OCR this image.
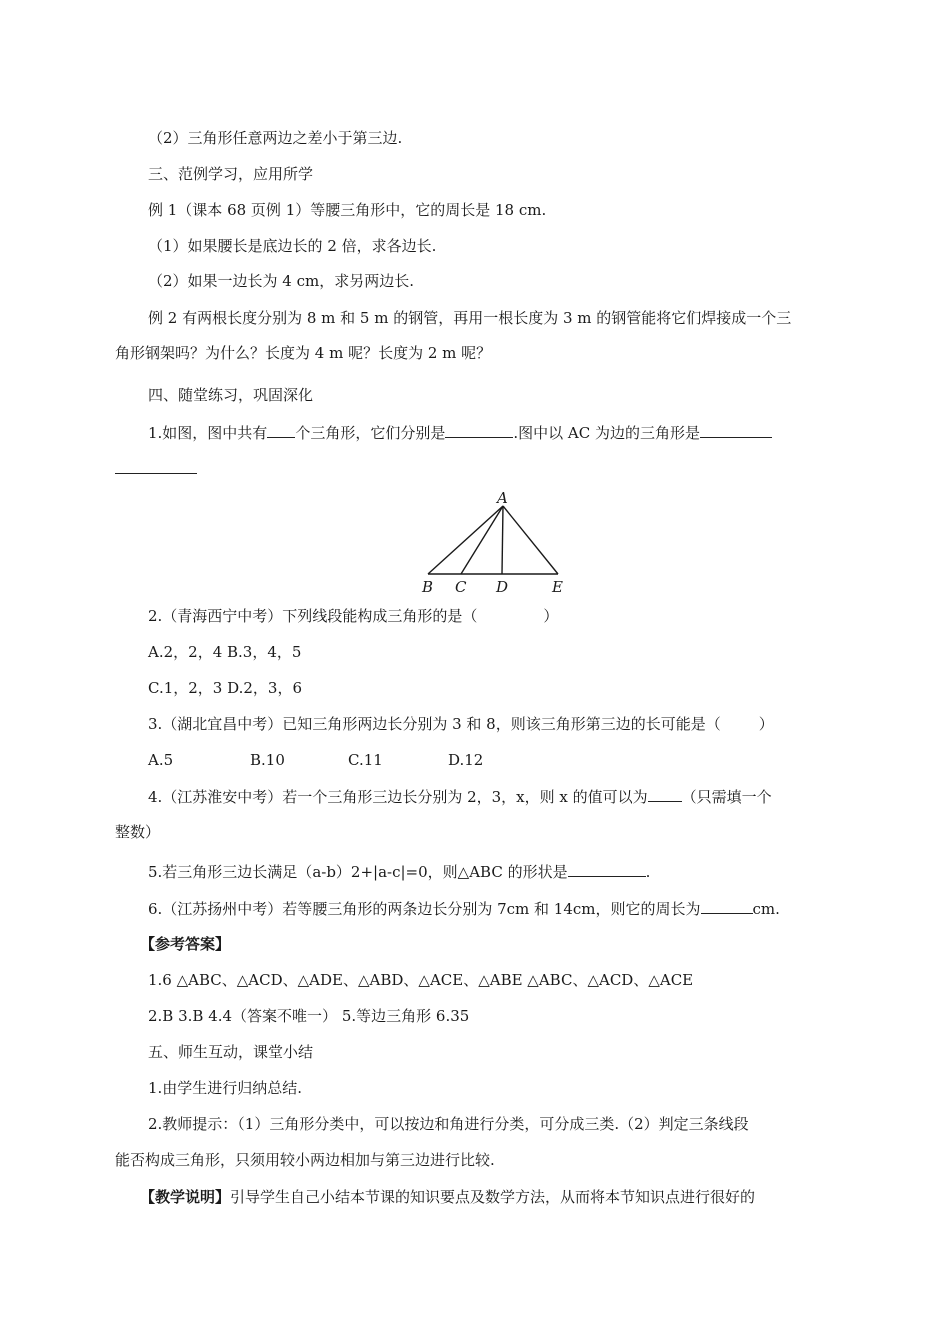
（2）三角形任意两边之差小于第三边.
三、范例学习，应用所学
例 1（课本 68 页例 1）等腰三角形中，它的周长是 18 cm.
（1）如果腰长是底边长的 2 倍，求各边长.
（2）如果一边长为 4 cm，求另两边长.
例 2 有两根长度分别为 8 m 和 5 m 的钢管，再用一根长度为 3 m 的钢管能将它们焊接成一个三
角形钢架吗？为什么？长度为 4 m 呢？长度为 2 m 呢？
四、随堂练习，巩固深化
1.如图，图中共有 个三角形，它们分别是	.图中以 AC 为边的三角形是
A
B C D	E
2.（青海西宁中考）下列线段能构成三角形的是（	）
A.2，2，4 B.3，4，5
C.1，2，3 D.2，3，6
3.（湖北宜昌中考）已知三角形两边长分别为 3 和 8，则该三角形第三边的长可能是（	）
A.5	B.10	C.11	D.12
4.（江苏淮安中考）若一个三角形三边长分别为 2，3，x，则 x 的值可以为 （只需填一个
整数）
5.若三角形三边长满足（a-b）2+|a-c|=0，则△ABC 的形状是	.
6.（江苏扬州中考）若等腰三角形的两条边长分别为 7cm 和 14cm，则它的周长为	cm.
【参考答案】
1.6 △ABC、△ACD、△ADE、△ABD、△ACE、△ABE △ABC、△ACD、△ACE
2.B 3.B 4.4（答案不唯一） 5.等边三角形 6.35
五、师生互动，课堂小结
1.由学生进行归纳总结.
2.教师提示：（1）三角形分类中，可以按边和角进行分类，可分成三类.（2）判定三条线段
能否构成三角形，只须用较小两边相加与第三边进行比较.
【教学说明】引导学生自己小结本节课的知识要点及数学方法，从而将本节知识点进行很好的
